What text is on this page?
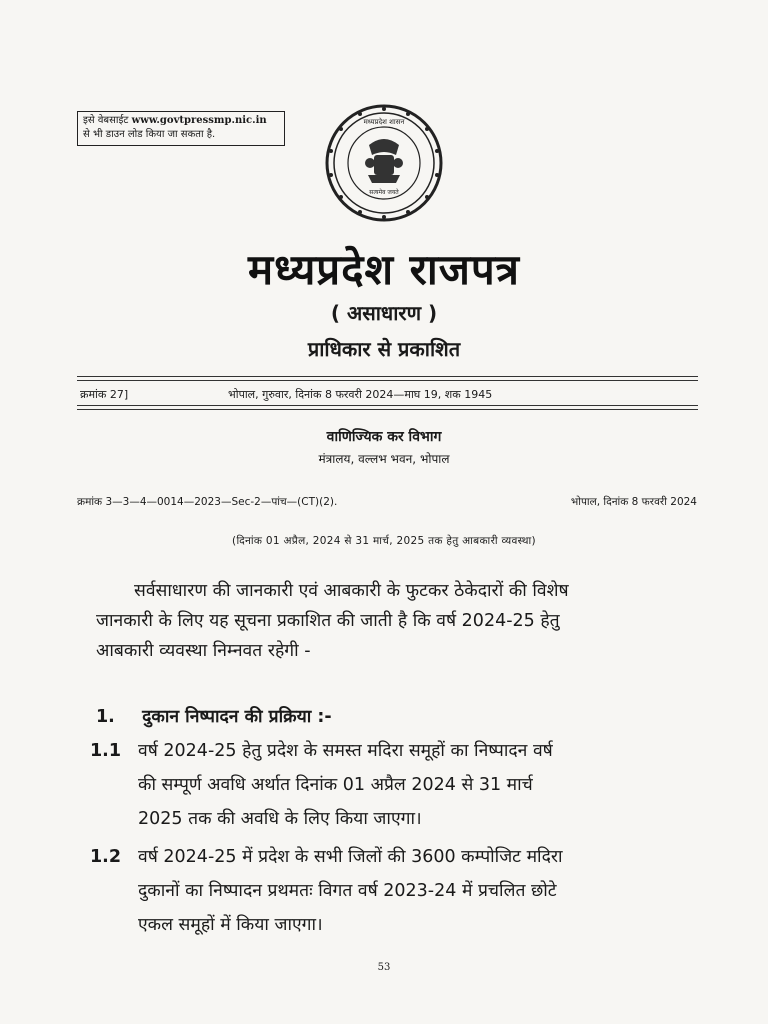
इसे वेबसाईट www.govtpressmp.nic.in
से भी डाउन लोड किया जा सकता है.
मध्यप्रदेश शासन
सत्यमेव जयते
मध्यप्रदेश राजपत्र
( असाधारण )
प्राधिकार से प्रकाशित
क्रमांक 27]	भोपाल, गुरुवार, दिनांक 8 फरवरी 2024—माघ 19, शक 1945
वाणिज्यिक कर विभाग
मंत्रालय, वल्लभ भवन, भोपाल
क्रमांक 3—3—4—0014—2023—Sec-2—पांच—(CT)(2).	भोपाल, दिनांक 8 फरवरी 2024
(दिनांक 01 अप्रैल, 2024 से 31 मार्च, 2025 तक हेतु आबकारी व्यवस्था)
सर्वसाधारण की जानकारी एवं आबकारी के फुटकर ठेकेदारों की विशेष
जानकारी के लिए यह सूचना प्रकाशित की जाती है कि वर्ष 2024-25 हेतु
आबकारी व्यवस्था निम्नवत रहेगी -
1. दुकान निष्पादन की प्रक्रिया :-
1.1 वर्ष 2024-25 हेतु प्रदेश के समस्त मदिरा समूहों का निष्पादन वर्ष
की सम्पूर्ण अवधि अर्थात दिनांक 01 अप्रैल 2024 से 31 मार्च
2025 तक की अवधि के लिए किया जाएगा।
1.2 वर्ष 2024-25 में प्रदेश के सभी जिलों की 3600 कम्पोजिट मदिरा
दुकानों का निष्पादन प्रथमतः विगत वर्ष 2023-24 में प्रचलित छोटे
एकल समूहों में किया जाएगा।
53
